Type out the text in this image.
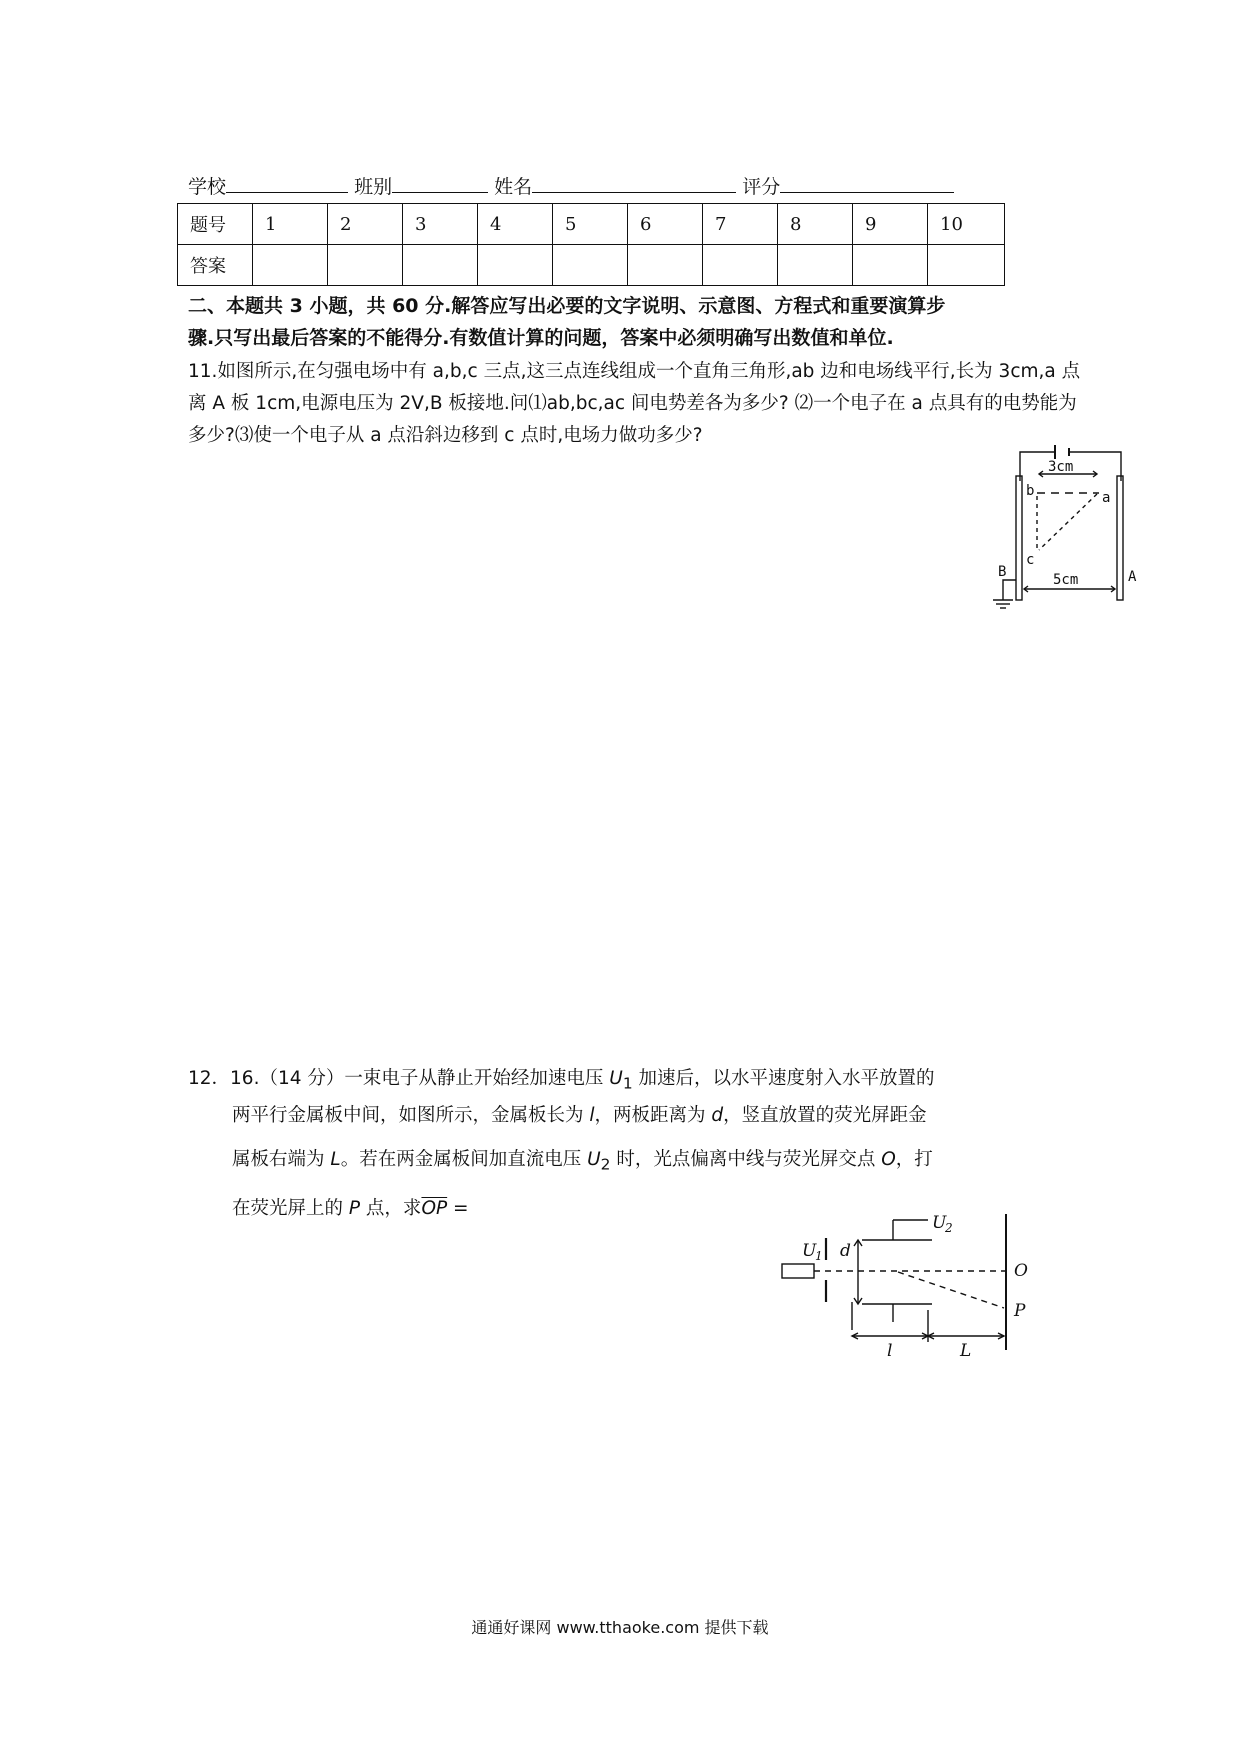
学校	班别	姓名	评分
题号	1	2	3	4	5	6	7	8	9	10
答案										
二、本题共 3 小题，共 60 分.解答应写出必要的文字说明、示意图、方程式和重要演算步
骤.只写出最后答案的不能得分.有数值计算的问题，答案中必须明确写出数值和单位.
11.如图所示,在匀强电场中有 a,b,c 三点,这三点连线组成一个直角三角形,ab 边和电场线平行,长为 3cm,a 点
离 A 板 1cm,电源电压为 2V,B 板接地.问⑴ab,bc,ac 间电势差各为多少? ⑵一个电子在 a 点具有的电势能为
多少?⑶使一个电子从 a 点沿斜边移到 c 点时,电场力做功多少?
3cm
b	a
c
5cm
B	A
12．16.（14 分）一束电子从静止开始经加速电压 $U_1$ 加速后，以水平速度射入水平放置的
两平行金属板中间，如图所示，金属板长为 l，两板距离为 d，竖直放置的荧光屏距金
属板右端为 L。若在两金属板间加直流电压 $U_2$ 时，光点偏离中线与荧光屏交点 O，打
在荧光屏上的 P 点，求$\overline{OP}$ =
U
1 d
U
2
O
P
l	L
通通好课网 www.tthaoke.com 提供下载
